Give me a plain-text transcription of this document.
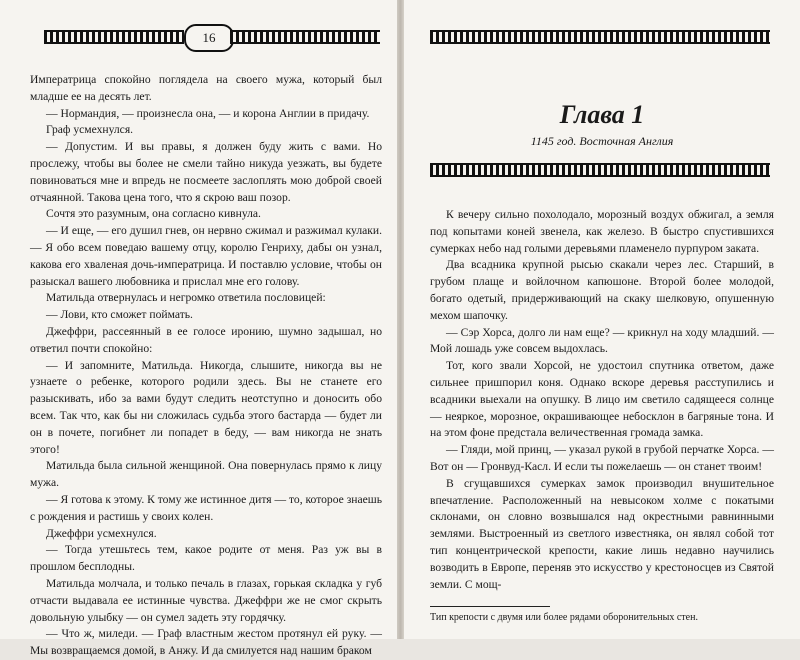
16

Императрица спокойно поглядела на своего мужа, который был младше ее на десять лет.

— Нормандия, — произнесла она, — и корона Англии в придачу.

Граф усмехнулся.

— Допустим. И вы правы, я должен буду жить с вами. Но прослежу, чтобы вы более не смели тайно никуда уезжать, вы будете повиноваться мне и впредь не посмеете заслоплять мою доброй своей отчаянной. Такова цена того, что я скрою ваш позор.

Сочтя это разумным, она согласно кивнула.

— И еще, — его душил гнев, он нервно сжимал и разжимал кулаки. — Я обо всем поведаю вашему отцу, королю Генриху, дабы он узнал, какова его хваленая дочь-императрица. И поставлю условие, чтобы он разыскал вашего любовника и прислал мне его голову.

Матильда отвернулась и негромко ответила пословицей:

— Лови, кто сможет поймать.

Джеффри, рассеянный в ее голосе иронию, шумно задышал, но ответил почти спокойно:

— И запомните, Матильда. Никогда, слышите, никогда вы не узнаете о ребенке, которого родили здесь. Вы не станете его разыскивать, ибо за вами будут следить неотступно и доносить обо всем. Так что, как бы ни сложилась судьба этого бастарда — будет ли он в почете, погибнет ли попадет в беду, — вам никогда не знать этого!

Матильда была сильной женщиной. Она повернулась прямо к лицу мужа.

— Я готова к этому. К тому же истинное дитя — то, которое знаешь с рождения и растишь у своих колен.

Джеффри усмехнулся.

— Тогда утешьтесь тем, какое родите от меня. Раз уж вы в прошлом бесплодны.

Матильда молчала, и только печаль в глазах, горькая складка у губ отчасти выдавала ее истинные чувства. Джеффри же не смог скрыть довольную улыбку — он сумел задеть эту гордячку.

— Что ж, миледи. — Граф властным жестом протянул ей руку. — Мы возвращаемся домой, в Анжу. И да смилуется над нашим браком

Глава 1
1145 год. Восточная Англия

К вечеру сильно похолодало, морозный воздух обжигал, а земля под копытами коней звенела, как железо. В быстро спустившихся сумерках небо над голыми деревьями пламенело пурпуром заката.

Два всадника крупной рысью скакали через лес. Старший, в грубом плаще и войлочном капюшоне. Второй более молодой, богато одетый, придерживающий на скаку шелковую, опушенную мехом шапочку.

— Сэр Хорса, долго ли нам еще? — крикнул на ходу младший. — Мой лошадь уже совсем выдохлась.

Тот, кого звали Хорсой, не удостоил спутника ответом, даже сильнее пришпорил коня. Однако вскоре деревья расступились и всадники выехали на опушку. В лицо им светило садящееся солнце — неяркое, морозное, окрашивающее небосклон в багряные тона. И на этом фоне предстала величественная громада замка.

— Гляди, мой принц, — указал рукой в грубой перчатке Хорса. — Вот он — Гронвуд-Касл. И если ты пожелаешь — он станет твоим!

В сгущавшихся сумерках замок производил внушительное впечатление. Расположенный на невысоком холме с покатыми склонами, он словно возвышался над окрестными равнинными землями. Выстроенный из светлого известняка, он являл собой тот тип концентрической крепости, какие лишь недавно научились возводить в Европе, переняв это искусство у крестоносцев из Святой земли. С мощ-

Тип крепости с двумя или более рядами оборонительных стен.
